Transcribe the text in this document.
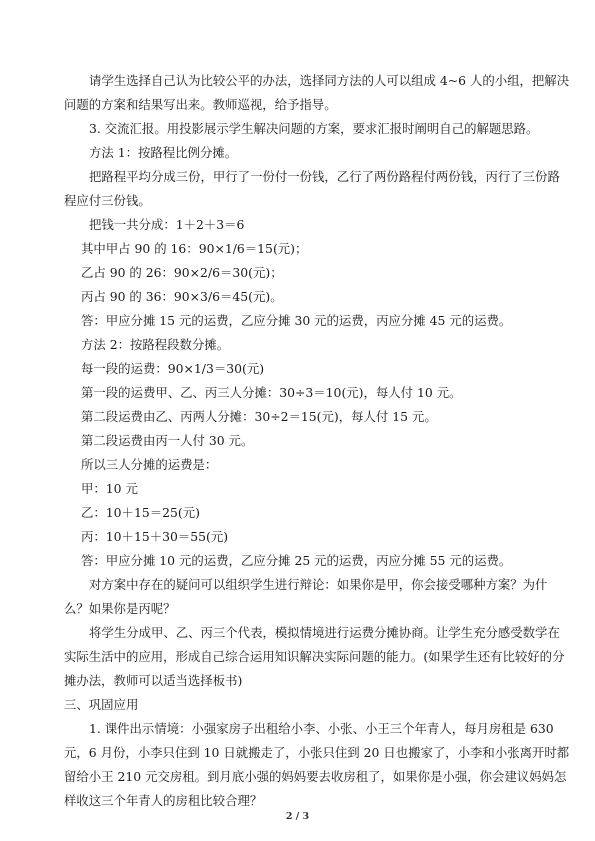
请学生选择自己认为比较公平的办法，选择同方法的人可以组成 4~6 人的小组，把解决
问题的方案和结果写出来。教师巡视，给予指导。
3. 交流汇报。用投影展示学生解决问题的方案，要求汇报时阐明自己的解题思路。
方法 1：按路程比例分摊。
把路程平均分成三份，甲行了一份付一份钱，乙行了两份路程付两份钱，丙行了三份路
程应付三份钱。
把钱一共分成：1＋2＋3＝6
其中甲占 90 的 16：90×1/6＝15(元)；
乙占 90 的 26：90×2/6＝30(元)；
丙占 90 的 36：90×3/6＝45(元)。
答：甲应分摊 15 元的运费，乙应分摊 30 元的运费，丙应分摊 45 元的运费。
方法 2：按路程段数分摊。
每一段的运费：90×1/3＝30(元)
第一段的运费甲、乙、丙三人分摊：30÷3＝10(元)，每人付 10 元。
第二段运费由乙、丙两人分摊：30÷2＝15(元)，每人付 15 元。
第二段运费由丙一人付 30 元。
所以三人分摊的运费是：
甲：10 元
乙：10＋15＝25(元)
丙：10＋15＋30＝55(元)
答：甲应分摊 10 元的运费，乙应分摊 25 元的运费，丙应分摊 55 元的运费。
对方案中存在的疑问可以组织学生进行辩论：如果你是甲，你会接受哪种方案？为什
么？如果你是丙呢？
将学生分成甲、乙、丙三个代表，模拟情境进行运费分摊协商。让学生充分感受数学在
实际生活中的应用，形成自己综合运用知识解决实际问题的能力。(如果学生还有比较好的分
摊办法，教师可以适当选择板书)
三、巩固应用
1. 课件出示情境：小强家房子出租给小李、小张、小王三个年青人，每月房租是 630
元，6 月份，小李只住到 10 日就搬走了，小张只住到 20 日也搬家了，小李和小张离开时都
留给小王 210 元交房租。到月底小强的妈妈要去收房租了，如果你是小强，你会建议妈妈怎
样收这三个年青人的房租比较合理？
2 / 3
